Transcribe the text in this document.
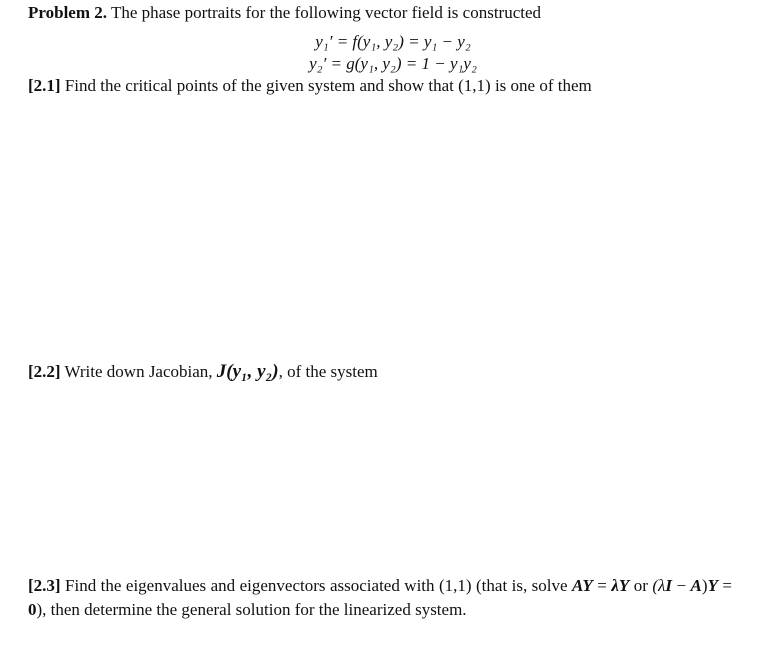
Problem 2. The phase portraits for the following vector field is constructed
y₁′ = f(y₁, y₂) = y₁ − y₂
y₂′ = g(y₁, y₂) = 1 − y₁y₂
[2.1] Find the critical points of the given system and show that (1,1) is one of them
[2.2] Write down Jacobian, J(y₁, y₂), of the system
[2.3] Find the eigenvalues and eigenvectors associated with (1,1) (that is, solve AY = λY or (λI − A)Y = 0), then determine the general solution for the linearized system.
